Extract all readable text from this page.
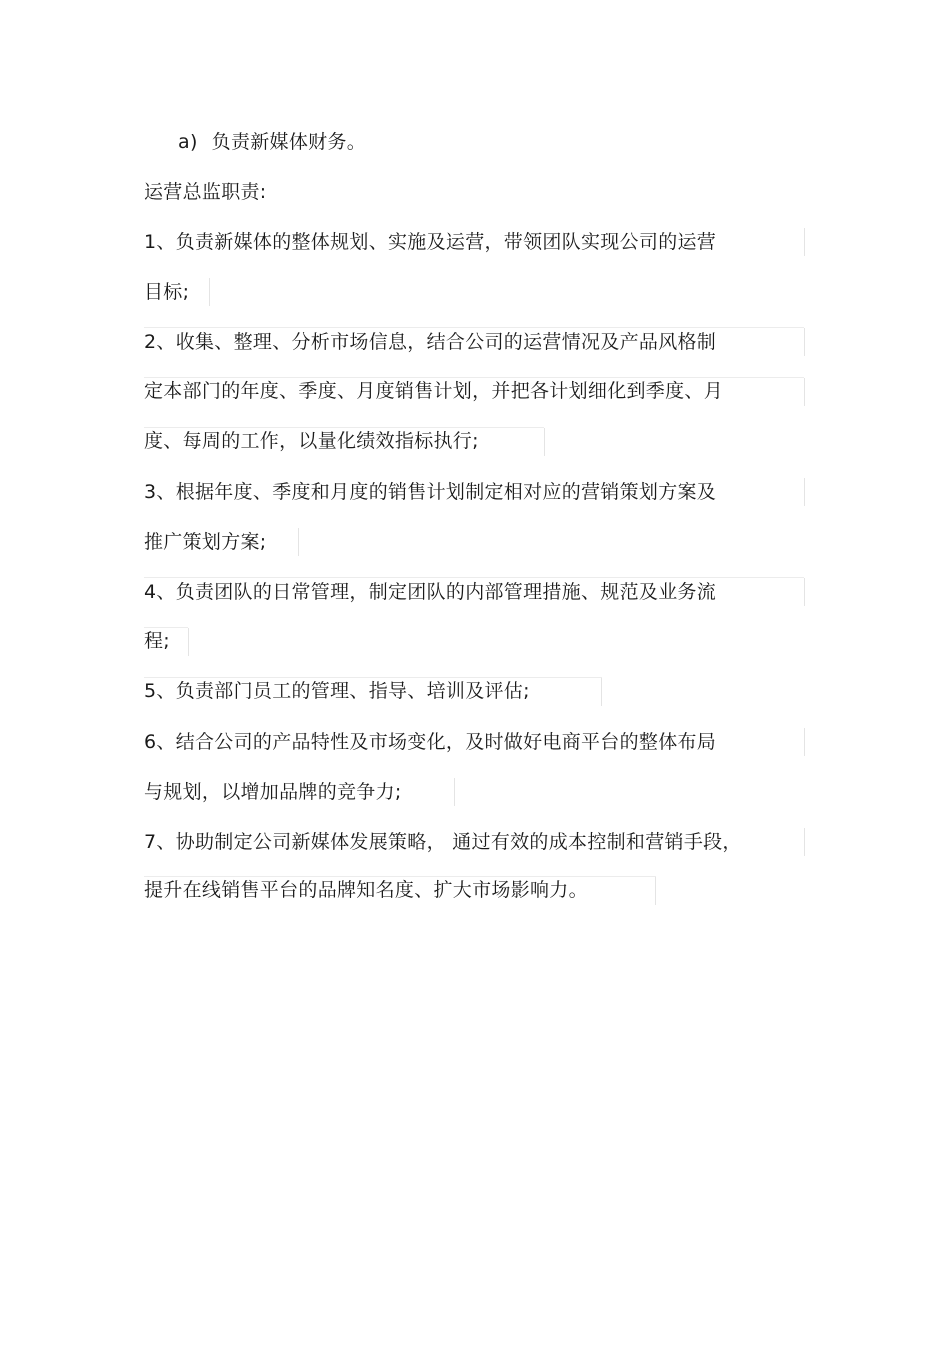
a) 负责新媒体财务。
运营总监职责:
1、负责新媒体的整体规划、实施及运营，带领团队实现公司的运营
目标;
2、收集、整理、分析市场信息，结合公司的运营情况及产品风格制
定本部门的年度、季度、月度销售计划，并把各计划细化到季度、月
度、每周的工作，以量化绩效指标执行;
3、根据年度、季度和月度的销售计划制定相对应的营销策划方案及
推广策划方案;
4、负责团队的日常管理，制定团队的内部管理措施、规范及业务流
程;
5、负责部门员工的管理、指导、培训及评估;
6、结合公司的产品特性及市场变化，及时做好电商平台的整体布局
与规划，以增加品牌的竞争力;
7、协助制定公司新媒体发展策略， 通过有效的成本控制和营销手段，
提升在线销售平台的品牌知名度、扩大市场影响力。
